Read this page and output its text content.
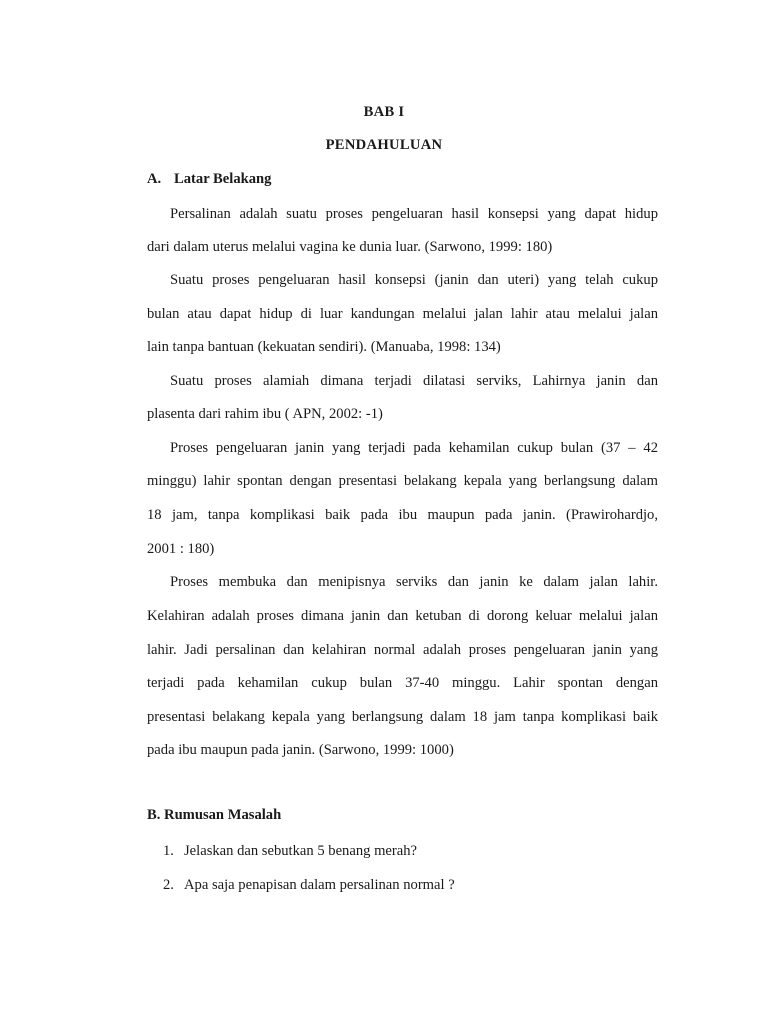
BAB I
PENDAHULUAN
A. Latar Belakang
Persalinan adalah suatu proses pengeluaran hasil konsepsi yang dapat hidup
dari dalam uterus melalui vagina ke dunia luar. (Sarwono, 1999: 180)
Suatu proses pengeluaran hasil konsepsi (janin dan uteri) yang telah cukup
bulan atau dapat hidup di luar kandungan melalui jalan lahir atau melalui jalan
lain tanpa bantuan (kekuatan sendiri). (Manuaba, 1998: 134)
Suatu proses alamiah dimana terjadi dilatasi serviks, Lahirnya janin dan
plasenta dari rahim ibu ( APN, 2002: -1)
Proses pengeluaran janin yang terjadi pada kehamilan cukup bulan (37 – 42
minggu) lahir spontan dengan presentasi belakang kepala yang berlangsung dalam
18 jam, tanpa komplikasi baik pada ibu maupun pada janin. (Prawirohardjo,
2001 : 180)
Proses membuka dan menipisnya serviks dan janin ke dalam jalan lahir.
Kelahiran adalah proses dimana janin dan ketuban di dorong keluar melalui jalan
lahir. Jadi persalinan dan kelahiran normal adalah proses pengeluaran janin yang
terjadi pada kehamilan cukup bulan 37-40 minggu. Lahir spontan dengan
presentasi belakang kepala yang berlangsung dalam 18 jam tanpa komplikasi baik
pada ibu maupun pada janin. (Sarwono, 1999: 1000)
B. Rumusan Masalah
1. Jelaskan dan sebutkan 5 benang merah?
2. Apa saja penapisan dalam persalinan normal ?
